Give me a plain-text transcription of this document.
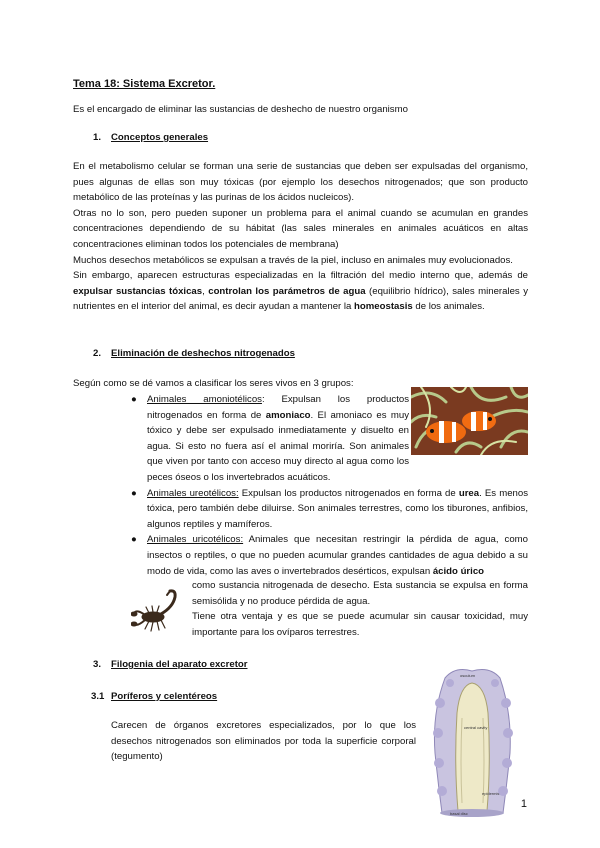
Tema 18: Sistema Excretor.
Es el encargado de eliminar las sustancias de deshecho de nuestro organismo
1. Conceptos generales

En el metabolismo celular se forman una serie de sustancias que deben ser expulsadas del organismo, pues algunas de ellas son muy tóxicas (por ejemplo los desechos nitrogenados; que son producto metabólico de las proteínas y las purinas de los ácidos nucleicos).

Otras no lo son, pero pueden suponer un problema para el animal cuando se acumulan en grandes concentraciones dependiendo de su hábitat (las sales minerales en animales acuáticos en altas concentraciones eliminan todos los potenciales de membrana)

Muchos desechos metabólicos se expulsan a través de la piel, incluso en animales muy evolucionados.

Sin embargo, aparecen estructuras especializadas en la filtración del medio interno que, además de expulsar sustancias tóxicas, controlan los parámetros de agua (equilibrio hídrico), sales minerales y nutrientes en el interior del animal, es decir ayudan a mantener la homeostasis de los animales.

2. Eliminación de deshechos nitrogenados
Según como se dé vamos a clasificar los seres vivos en 3 grupos:
● Animales amoniotélicos: Expulsan los productos nitrogenados en forma de amoniaco. El amoniaco es muy tóxico y debe ser expulsado inmediatamente y disuelto en agua. Si esto no fuera así el animal moriría. Son animales que viven por tanto con acceso muy directo al agua como los peces óseos o los invertebrados acuáticos.
● Animales ureotélicos: Expulsan los productos nitrogenados en forma de urea. Es menos tóxica, pero también debe diluirse. Son animales terrestres, como los tiburones, anfibios, algunos reptiles y mamíferos.
● Animales uricotélicos: Animales que necesitan restringir la pérdida de agua, como insectos o reptiles, o que no pueden acumular grandes cantidades de agua debido a su modo de vida, como las aves o invertebrados desérticos, expulsan ácido úrico
como sustancia nitrogenada de desecho. Esta sustancia se expulsa en forma semisólida y no produce pérdida de agua.
Tiene otra ventaja y es que se puede acumular sin causar toxicidad, muy importante para los ovíparos terrestres.
3. Filogenia del aparato excretor
3.1 Poríferos y celentéreos
Carecen de órganos excretores especializados, por lo que los desechos nitrogenados son eliminados por toda la superficie corporal (tegumento)
osculum
central cavity
epidermis
basal disc
1
